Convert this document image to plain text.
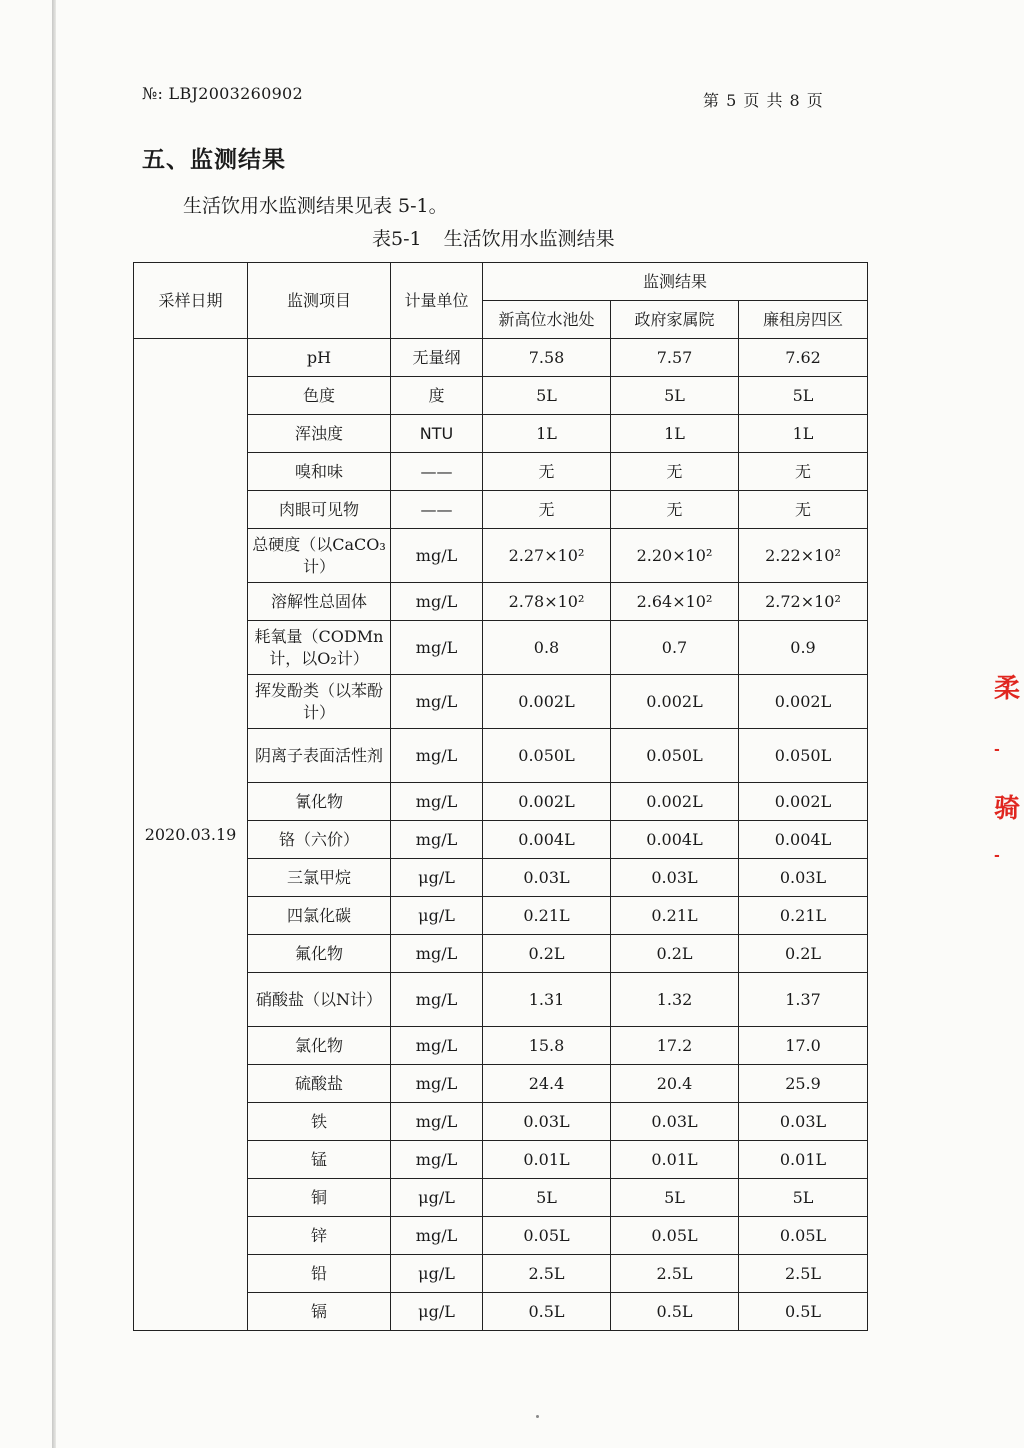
№: LBJ2003260902	第 5 页 共 8 页
五、监测结果
生活饮用水监测结果见表 5-1。
表5-1 生活饮用水监测结果
采样日期	监测项目	计量单位	监测结果		
			新高位水池处	政府家属院	廉租房四区
2020.03.19	pH	无量纲	7.58	7.57	7.62
	色度	度	5L	5L	5L
	浑浊度	NTU	1L	1L	1L
	嗅和味	——	无	无	无
	肉眼可见物	——	无	无	无
	总硬度（以CaCO₃计）	mg/L	2.27×10²	2.20×10²	2.22×10²
	溶解性总固体	mg/L	2.78×10²	2.64×10²	2.72×10²
	耗氧量（CODMn计，以O₂计）	mg/L	0.8	0.7	0.9
	挥发酚类（以苯酚计）	mg/L	0.002L	0.002L	0.002L
	阴离子表面活性剂	mg/L	0.050L	0.050L	0.050L
	氰化物	mg/L	0.002L	0.002L	0.002L
	铬（六价）	mg/L	0.004L	0.004L	0.004L
	三氯甲烷	μg/L	0.03L	0.03L	0.03L
	四氯化碳	μg/L	0.21L	0.21L	0.21L
	氟化物	mg/L	0.2L	0.2L	0.2L
	硝酸盐（以N计）	mg/L	1.31	1.32	1.37
	氯化物	mg/L	15.8	17.2	17.0
	硫酸盐	mg/L	24.4	20.4	25.9
	铁	mg/L	0.03L	0.03L	0.03L
	锰	mg/L	0.01L	0.01L	0.01L
	铜	μg/L	5L	5L	5L
	锌	mg/L	0.05L	0.05L	0.05L
	铅	μg/L	2.5L	2.5L	2.5L
	镉	μg/L	0.5L	0.5L	0.5L
柔
-
骑
-
